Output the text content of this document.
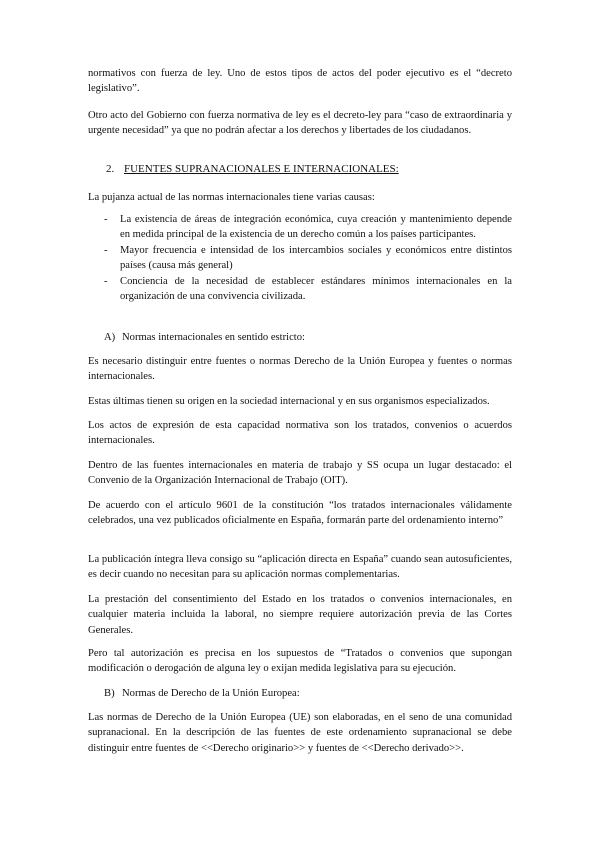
normativos con fuerza de ley. Uno de estos tipos de actos del poder ejecutivo es el “decreto legislativo”.

Otro acto del Gobierno con fuerza normativa de ley es el decreto-ley para “caso de extraordinaria y urgente necesidad” ya que no podrán afectar a los derechos y libertades de los ciudadanos.

2. FUENTES SUPRANACIONALES E INTERNACIONALES:

La pujanza actual de las normas internacionales tiene varias causas:

- La existencia de áreas de integración económica, cuya creación y mantenimiento depende en medida principal de la existencia de un derecho común a los países participantes.
- Mayor frecuencia e intensidad de los intercambios sociales y económicos entre distintos países (causa más general)
- Conciencia de la necesidad de establecer estándares mínimos internacionales en la organización de una convivencia civilizada.

A) Normas internacionales en sentido estricto:

Es necesario distinguir entre fuentes o normas Derecho de la Unión Europea y fuentes o normas internacionales.

Estas últimas tienen su origen en la sociedad internacional y en sus organismos especializados.

Los actos de expresión de esta capacidad normativa son los tratados, convenios o acuerdos internacionales.

Dentro de las fuentes internacionales en materia de trabajo y SS ocupa un lugar destacado: el Convenio de la Organización Internacional de Trabajo (OIT).

De acuerdo con el artículo 9601 de la constitución “los tratados internacionales válidamente celebrados, una vez publicados oficialmente en España, formarán parte del ordenamiento interno”

La publicación íntegra lleva consigo su “aplicación directa en España” cuando sean autosuficientes, es decir cuando no necesitan para su aplicación normas complementarias.

La prestación del consentimiento del Estado en los tratados o convenios internacionales, en cualquier materia incluida la laboral, no siempre requiere autorización previa de las Cortes Generales.

Pero tal autorización es precisa en los supuestos de “Tratados o convenios que supongan modificación o derogación de alguna ley o exijan medida legislativa para su ejecución.

B) Normas de Derecho de la Unión Europea:

Las normas de Derecho de la Unión Europea (UE) son elaboradas, en el seno de una comunidad supranacional. En la descripción de las fuentes de este ordenamiento supranacional se debe distinguir entre fuentes de <<Derecho originario>> y fuentes de <<Derecho derivado>>.
